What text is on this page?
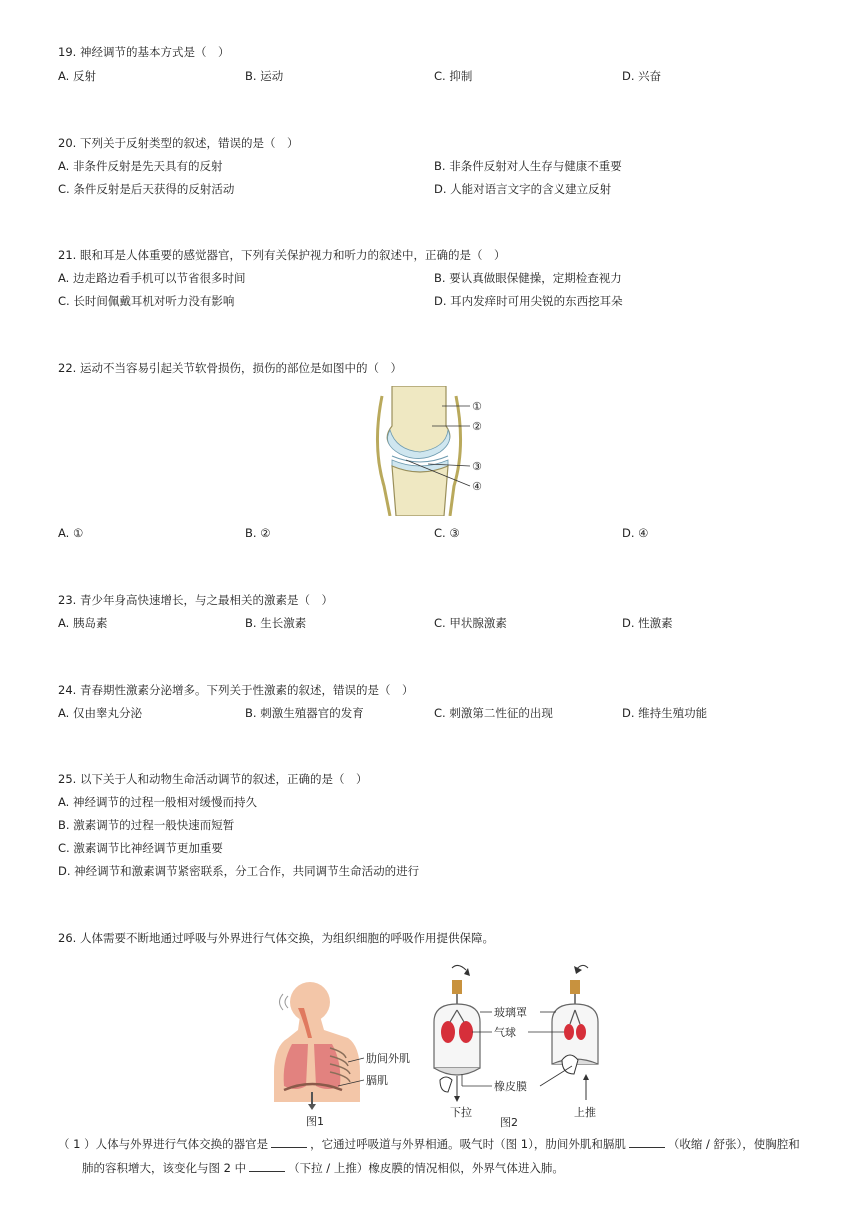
19. 神经调节的基本方式是（　）
A. 反射	B. 运动	C. 抑制	D. 兴奋
20. 下列关于反射类型的叙述，错误的是（　）
A. 非条件反射是先天具有的反射	B. 非条件反射对人生存与健康不重要
C. 条件反射是后天获得的反射活动	D. 人能对语言文字的含义建立反射
21. 眼和耳是人体重要的感觉器官，下列有关保护视力和听力的叙述中，正确的是（　）
A. 边走路边看手机可以节省很多时间	B. 要认真做眼保健操，定期检查视力
C. 长时间佩戴耳机对听力没有影响	D. 耳内发痒时可用尖锐的东西挖耳朵
22. 运动不当容易引起关节软骨损伤，损伤的部位是如图中的（　）
①
②
③
④
A. ①	B. ②	C. ③	D. ④
23. 青少年身高快速增长，与之最相关的激素是（　）
A. 胰岛素	B. 生长激素	C. 甲状腺激素	D. 性激素
24. 青春期性激素分泌增多。下列关于性激素的叙述，错误的是（　）
A. 仅由睾丸分泌	B. 刺激生殖器官的发育	C. 刺激第二性征的出现	D. 维持生殖功能
25. 以下关于人和动物生命活动调节的叙述，正确的是（　）
A. 神经调节的过程一般相对缓慢而持久
B. 激素调节的过程一般快速而短暂
C. 激素调节比神经调节更加重要
D. 神经调节和激素调节紧密联系，分工合作，共同调节生命活动的进行
26. 人体需要不断地通过呼吸与外界进行气体交换，为组织细胞的呼吸作用提供保障。
肋间外肌
膈肌
图1
下拉	上推
玻璃罩
气球
橡皮膜
图2
（ 1 ）人体与外界进行气体交换的器官是	，它通过呼吸道与外界相通。吸气时（图 1），肋间外肌和膈肌	（收缩 / 舒张），使胸腔和
肺的容积增大，该变化与图 2 中	（下拉 / 上推）橡皮膜的情况相似，外界气体进入肺。
